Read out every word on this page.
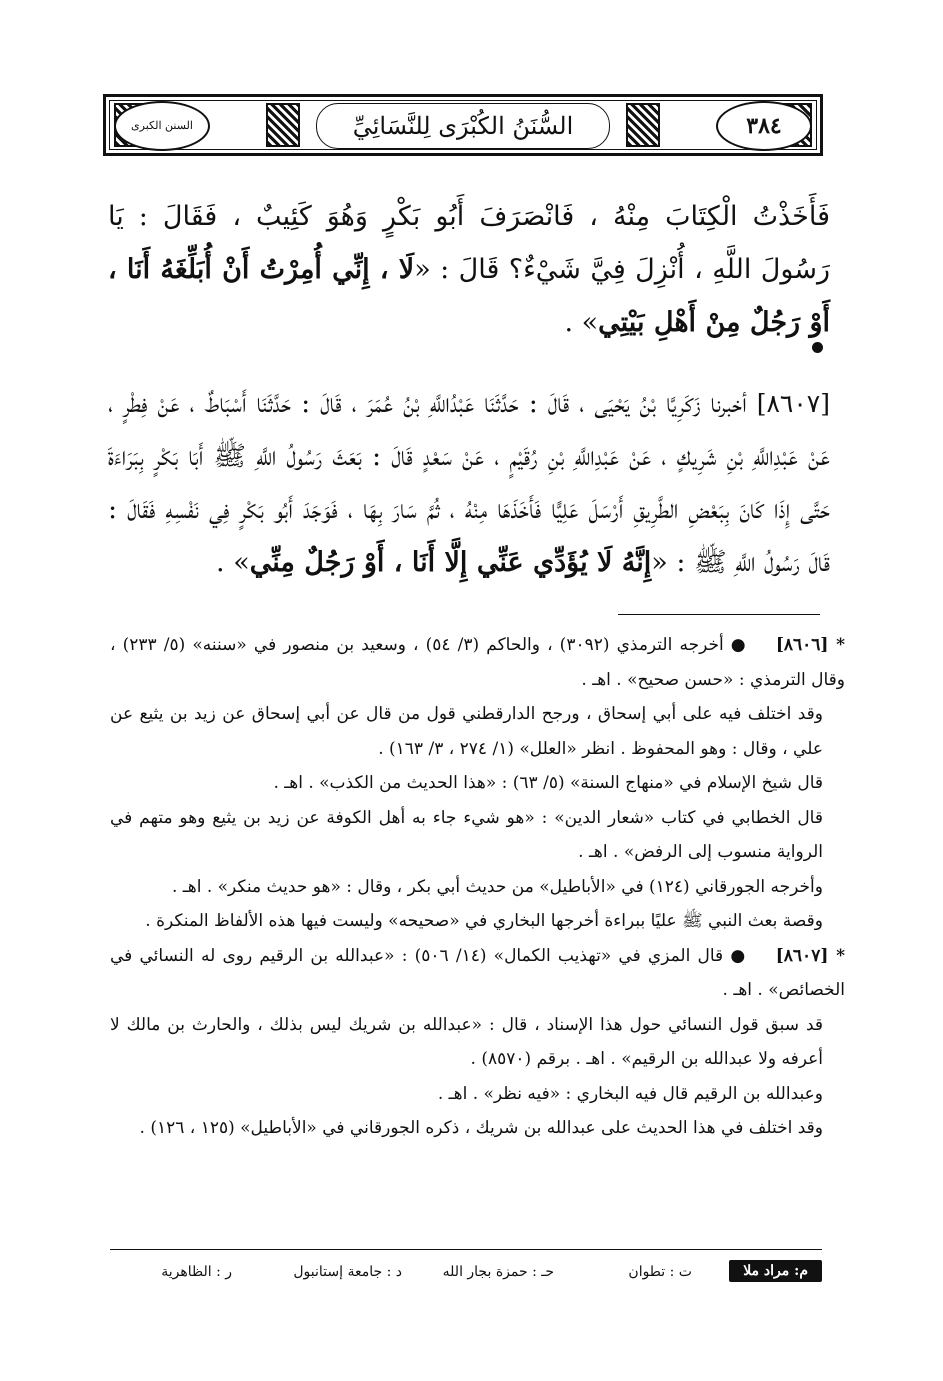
السنن الكبرى	السُّنَنُ الكُبْرَى لِلنَّسَائِيِّ	٣٨٤

فَأَخَذْتُ الْكِتَابَ مِنْهُ ، فَانْصَرَفَ أَبُو بَكْرٍ وَهُوَ كَئِيبٌ ، فَقَالَ : يَا رَسُولَ اللَّهِ ، أُنْزِلَ فِيَّ شَيْءٌ؟ قَالَ : «لَا ، إِنِّي أُمِرْتُ أَنْ أُبَلِّغَهُ أَنَا ، أَوْ رَجُلٌ مِنْ أَهْلِ بَيْتِي» .

[٨٦٠٧] أخبرنا زَكَرِيَّا بْنُ يَحْيَى ، قَالَ : حَدَّثَنَا عَبْدُاللَّهِ بْنُ عُمَرَ ، قَالَ : حَدَّثَنَا أَسْبَاطٌ ، عَنْ فِطْرٍ ، عَنْ عَبْدِاللَّهِ بْنِ شَرِيكٍ ، عَنْ عَبْدِاللَّهِ بْنِ رُقَيْمٍ ، عَنْ سَعْدٍ قَالَ : بَعَثَ رَسُولُ اللَّهِ ﷺ أَبَا بَكْرٍ بِبَرَاءَةَ حَتَّى إِذَا كَانَ بِبَعْضِ الطَّرِيقِ أَرْسَلَ عَلِيًّا فَأَخَذَهَا مِنْهُ ، ثُمَّ سَارَ بِهَا ، فَوَجَدَ أَبُو بَكْرٍ فِي نَفْسِهِ فَقَالَ : قَالَ رَسُولُ اللَّهِ ﷺ : «إِنَّهُ لَا يُؤَدِّي عَنِّي إِلَّا أَنَا ، أَوْ رَجُلٌ مِنِّي» .

* [٨٦٠٦]    ● أخرجه الترمذي (٣٠٩٢) ، والحاكم (٣/ ٥٤) ، وسعيد بن منصور في «سننه» (٥/ ٢٣٣) ، وقال الترمذي : «حسن صحيح» . اهـ .

وقد اختلف فيه على أبي إسحاق ، ورجح الدارقطني قول من قال عن أبي إسحاق عن زيد بن يثيع عن علي ، وقال : وهو المحفوظ . انظر «العلل» (١/ ٢٧٤ ، ٣/ ١٦٣) .

قال شيخ الإسلام في «منهاج السنة» (٥/ ٦٣) : «هذا الحديث من الكذب» . اهـ .

قال الخطابي في كتاب «شعار الدين» : «هو شيء جاء به أهل الكوفة عن زيد بن يثيع وهو متهم في الرواية منسوب إلى الرفض» . اهـ .

وأخرجه الجورقاني (١٢٤) في «الأباطيل» من حديث أبي بكر ، وقال : «هو حديث منكر» . اهـ .

وقصة بعث النبي ﷺ عليًا ببراءة أخرجها البخاري في «صحيحه» وليست فيها هذه الألفاظ المنكرة .

* [٨٦٠٧]    ● قال المزي في «تهذيب الكمال» (١٤/ ٥٠٦) : «عبدالله بن الرقيم روى له النسائي في الخصائص» . اهـ .

قد سبق قول النسائي حول هذا الإسناد ، قال : «عبدالله بن شريك ليس بذلك ، والحارث بن مالك لا أعرفه ولا عبدالله بن الرقيم» . اهـ . برقم (٨٥٧٠) .

وعبدالله بن الرقيم قال فيه البخاري : «فيه نظر» . اهـ .

وقد اختلف في هذا الحديث على عبدالله بن شريك ، ذكره الجورقاني في «الأباطيل» (١٢٥ ، ١٢٦) .

م: مراد ملا
ت : تطوان
حـ : حمزة بجار الله
د : جامعة إستانبول
ر : الظاهرية
